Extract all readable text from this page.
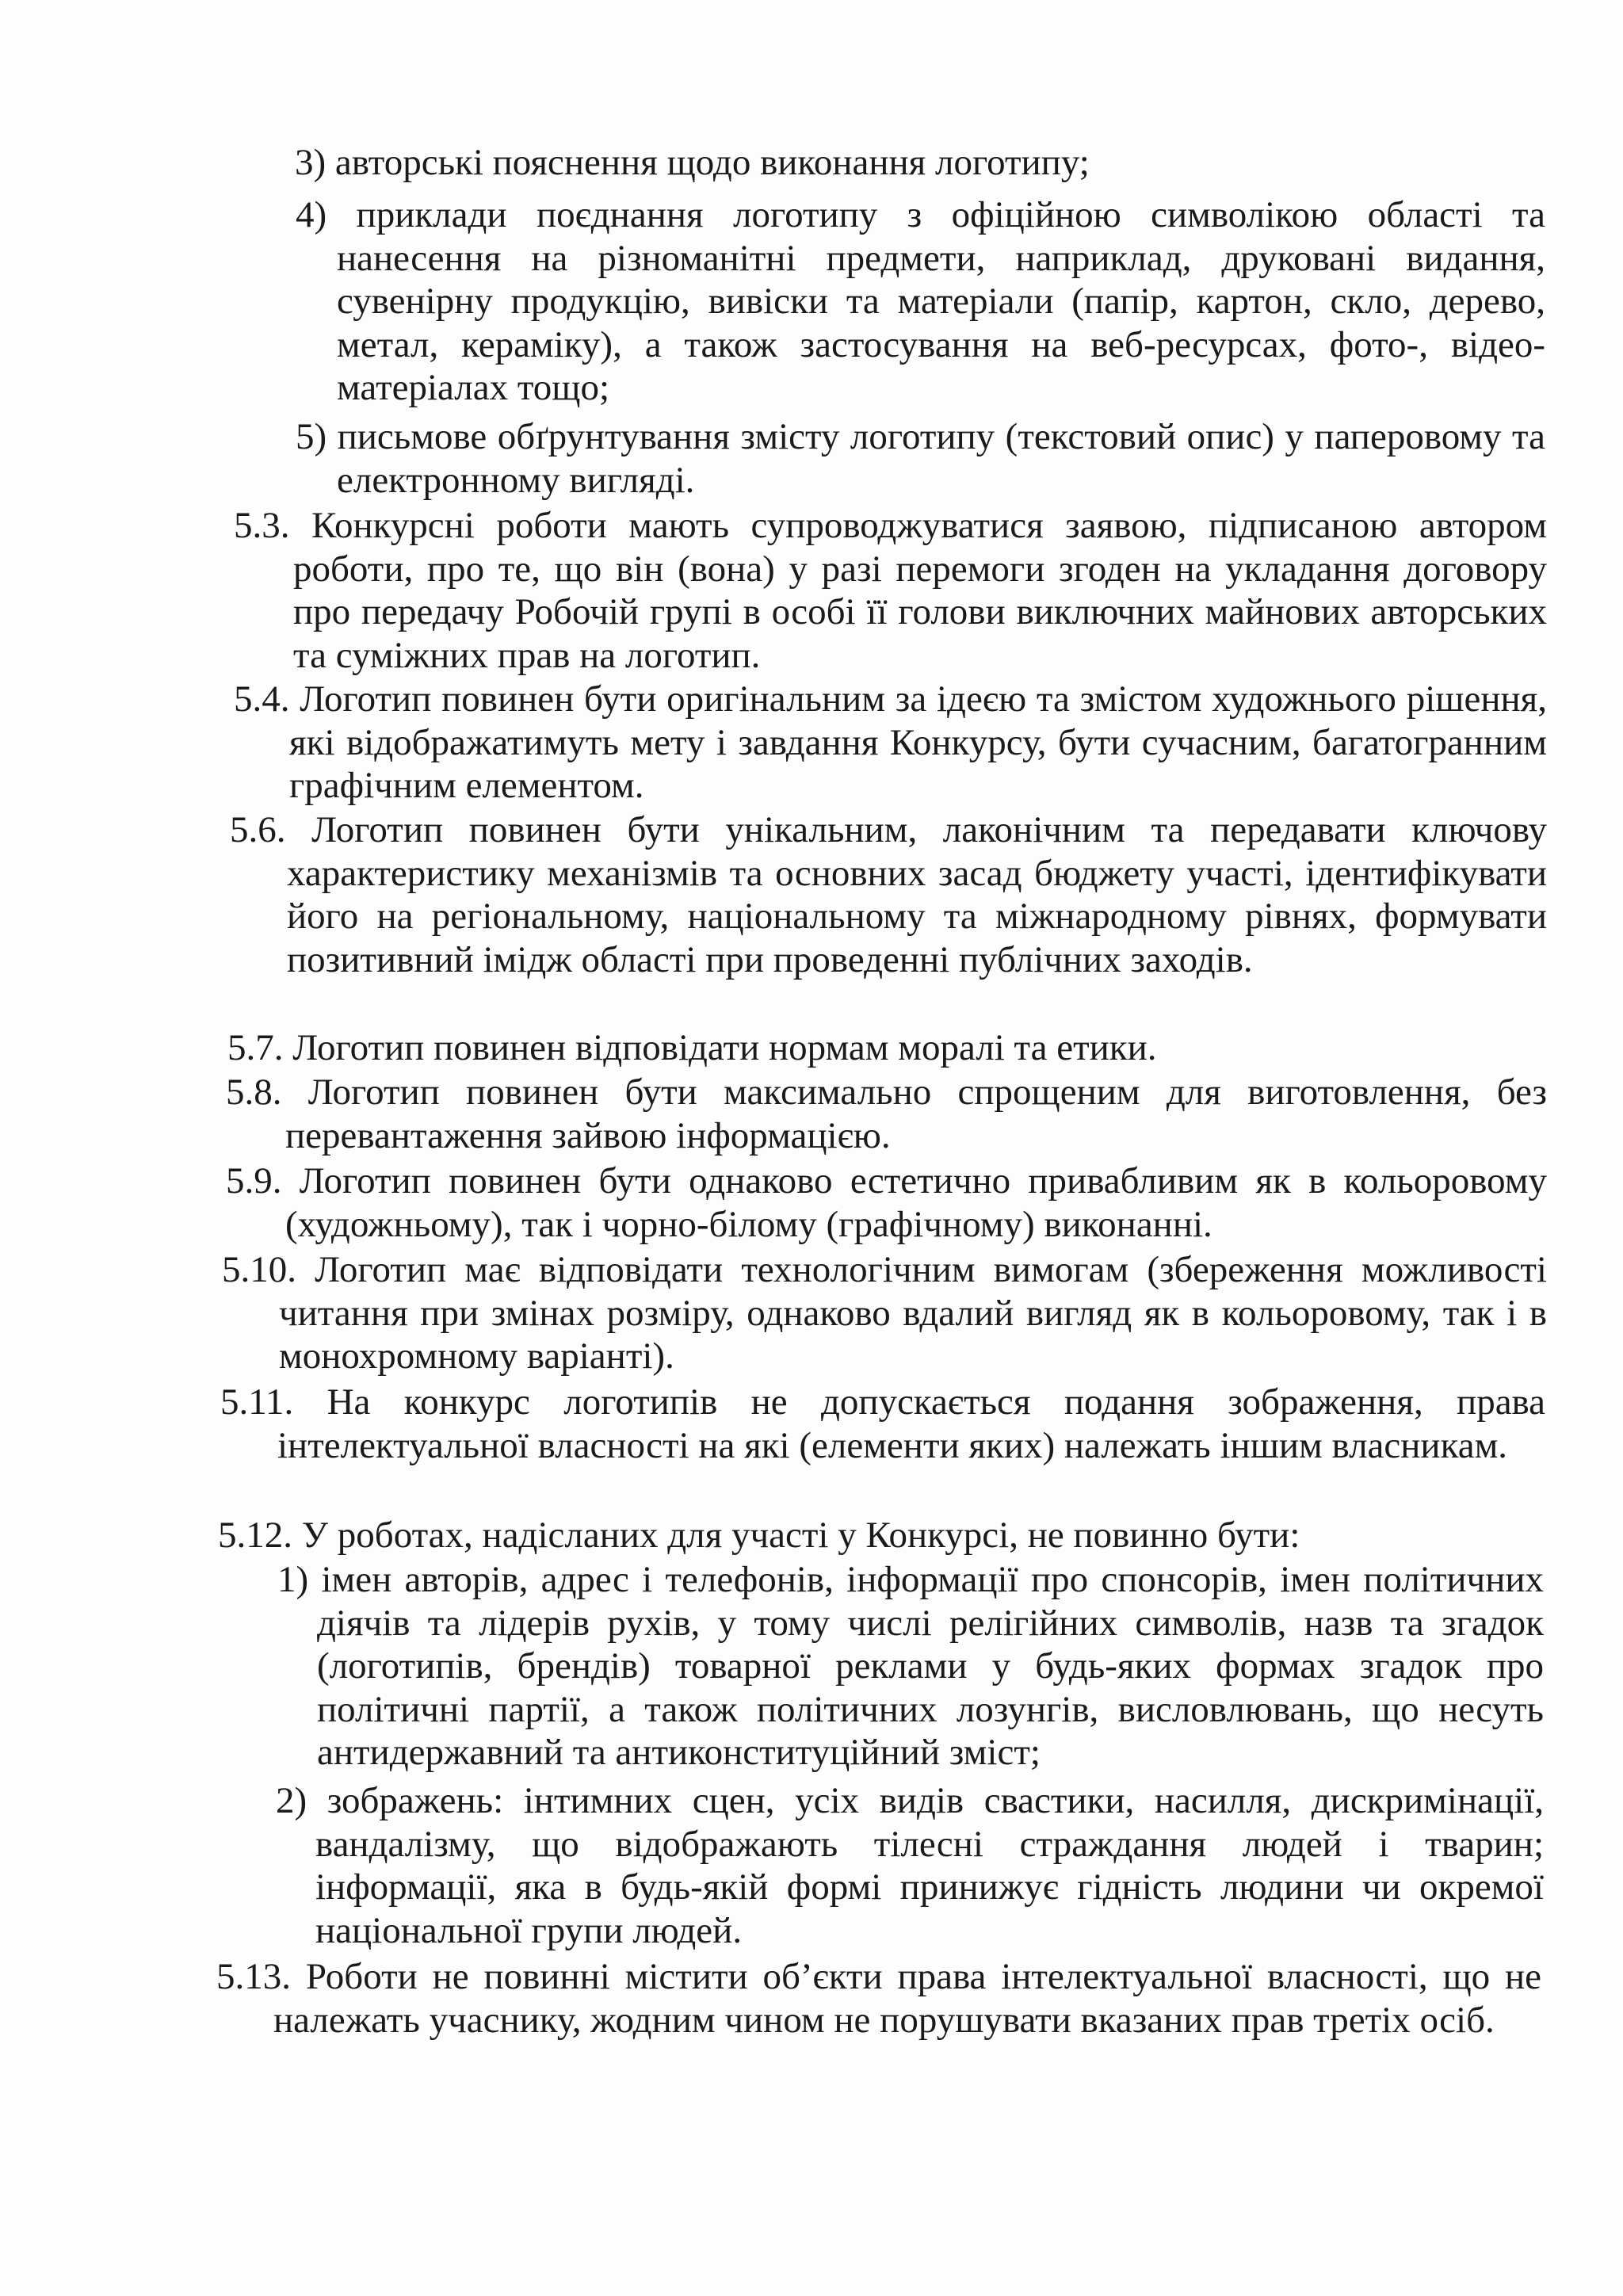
3) авторські пояснення щодо виконання логотипу;
4) приклади поєднання логотипу з офіційною символікою області та нанесення на різноманітні предмети, наприклад, друковані видання, сувенірну продукцію, вивіски та матеріали (папір, картон, скло, дерево, метал, кераміку), а також застосування на веб-ресурсах, фото-, відео-матеріалах тощо;
5) письмове обґрунтування змісту логотипу (текстовий опис) у паперовому та електронному вигляді.
5.3. Конкурсні роботи мають супроводжуватися заявою, підписаною автором роботи, про те, що він (вона) у разі перемоги згоден на укладання договору про передачу Робочій групі в особі її голови виключних майнових авторських та суміжних прав на логотип.
5.4. Логотип повинен бути оригінальним за ідеєю та змістом художнього рішення, які відображатимуть мету і завдання Конкурсу, бути сучасним, багатогранним графічним елементом.
5.6. Логотип повинен бути унікальним, лаконічним та передавати ключову характеристику механізмів та основних засад бюджету участі, ідентифікувати його на регіональному, національному та міжнародному рівнях, формувати позитивний імідж області при проведенні публічних заходів.
5.7. Логотип повинен відповідати нормам моралі та етики.
5.8. Логотип повинен бути максимально спрощеним для виготовлення, без перевантаження зайвою інформацією.
5.9. Логотип повинен бути однаково естетично привабливим як в кольоровому (художньому), так і чорно-білому (графічному) виконанні.
5.10. Логотип має відповідати технологічним вимогам (збереження можливості читання при змінах розміру, однаково вдалий вигляд як в кольоровому, так і в монохромному варіанті).
5.11. На конкурс логотипів не допускається подання зображення, права інтелектуальної власності на які (елементи яких) належать іншим власникам.
5.12. У роботах, надісланих для участі у Конкурсі, не повинно бути:
1) імен авторів, адрес і телефонів, інформації про спонсорів, імен політичних діячів та лідерів рухів, у тому числі релігійних символів, назв та згадок (логотипів, брендів) товарної реклами у будь-яких формах згадок про політичні партії, а також політичних лозунгів, висловлювань, що несуть антидержавний та антиконституційний зміст;
2) зображень: інтимних сцен, усіх видів свастики, насилля, дискримінації, вандалізму, що відображають тілесні страждання людей і тварин; інформації, яка в будь-якій формі принижує гідність людини чи окремої національної групи людей.
5.13. Роботи не повинні містити об’єкти права інтелектуальної власності, що не належать учаснику, жодним чином не порушувати вказаних прав третіх осіб.
